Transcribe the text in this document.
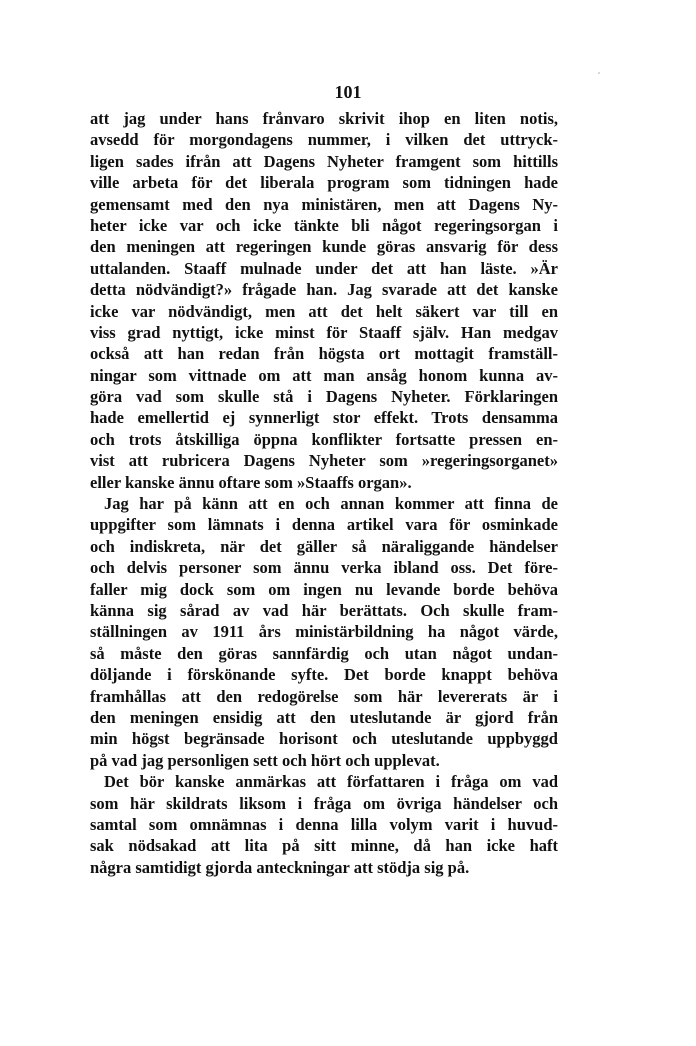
101
att jag under hans frånvaro skrivit ihop en liten notis,
avsedd för morgondagens nummer, i vilken det uttryck-
ligen sades ifrån att Dagens Nyheter framgent som hittills
ville arbeta för det liberala program som tidningen hade
gemensamt med den nya ministären, men att Dagens Ny-
heter icke var och icke tänkte bli något regeringsorgan i
den meningen att regeringen kunde göras ansvarig för dess
uttalanden. Staaff mulnade under det att han läste. »Är
detta nödvändigt?» frågade han. Jag svarade att det kanske
icke var nödvändigt, men att det helt säkert var till en
viss grad nyttigt, icke minst för Staaff själv. Han medgav
också att han redan från högsta ort mottagit framställ-
ningar som vittnade om att man ansåg honom kunna av-
göra vad som skulle stå i Dagens Nyheter. Förklaringen
hade emellertid ej synnerligt stor effekt. Trots densamma
och trots åtskilliga öppna konflikter fortsatte pressen en-
vist att rubricera Dagens Nyheter som »regeringsorganet»
eller kanske ännu oftare som »Staaffs organ».
Jag har på känn att en och annan kommer att finna de
uppgifter som lämnats i denna artikel vara för osminkade
och indiskreta, när det gäller så näraliggande händelser
och delvis personer som ännu verka ibland oss. Det före-
faller mig dock som om ingen nu levande borde behöva
känna sig sårad av vad här berättats. Och skulle fram-
ställningen av 1911 års ministärbildning ha något värde,
så måste den göras sannfärdig och utan något undan-
döljande i förskönande syfte. Det borde knappt behöva
framhållas att den redogörelse som här levererats är i
den meningen ensidig att den uteslutande är gjord från
min högst begränsade horisont och uteslutande uppbyggd
på vad jag personligen sett och hört och upplevat.
Det bör kanske anmärkas att författaren i fråga om vad
som här skildrats liksom i fråga om övriga händelser och
samtal som omnämnas i denna lilla volym varit i huvud-
sak nödsakad att lita på sitt minne, då han icke haft
några samtidigt gjorda anteckningar att stödja sig på.
